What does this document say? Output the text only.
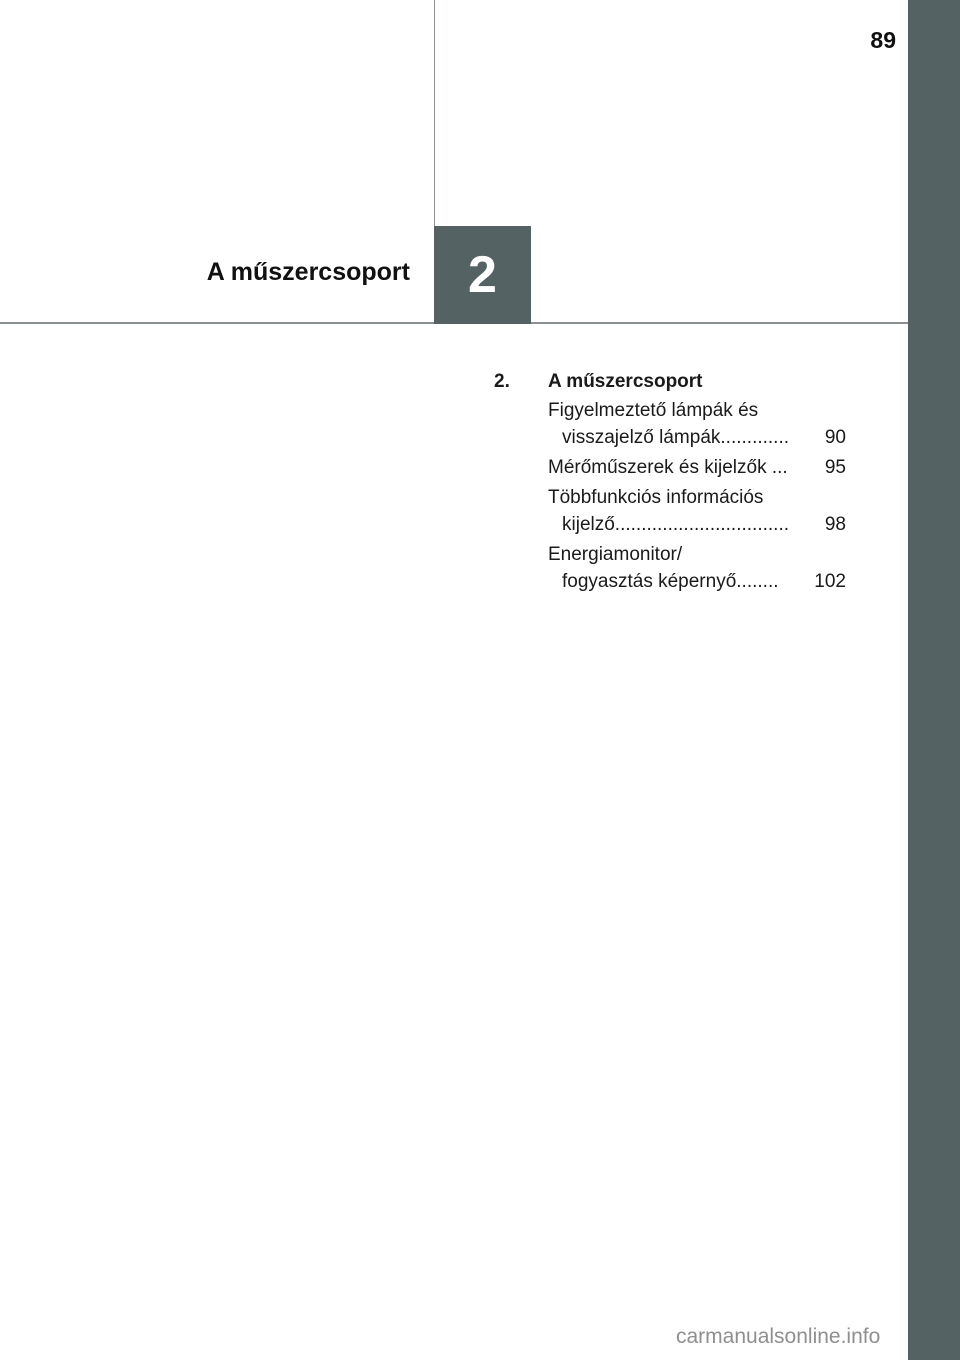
89
2
A műszercsoport
2.	A műszercsoport
Figyelmeztető lámpák és
visszajelző lámpák............. 90
Mérőműszerek és kijelzők ... 95
Többfunkciós információs
kijelző................................. 98
Energiamonitor/
fogyasztás képernyő........ 102
carmanualsonline.info
